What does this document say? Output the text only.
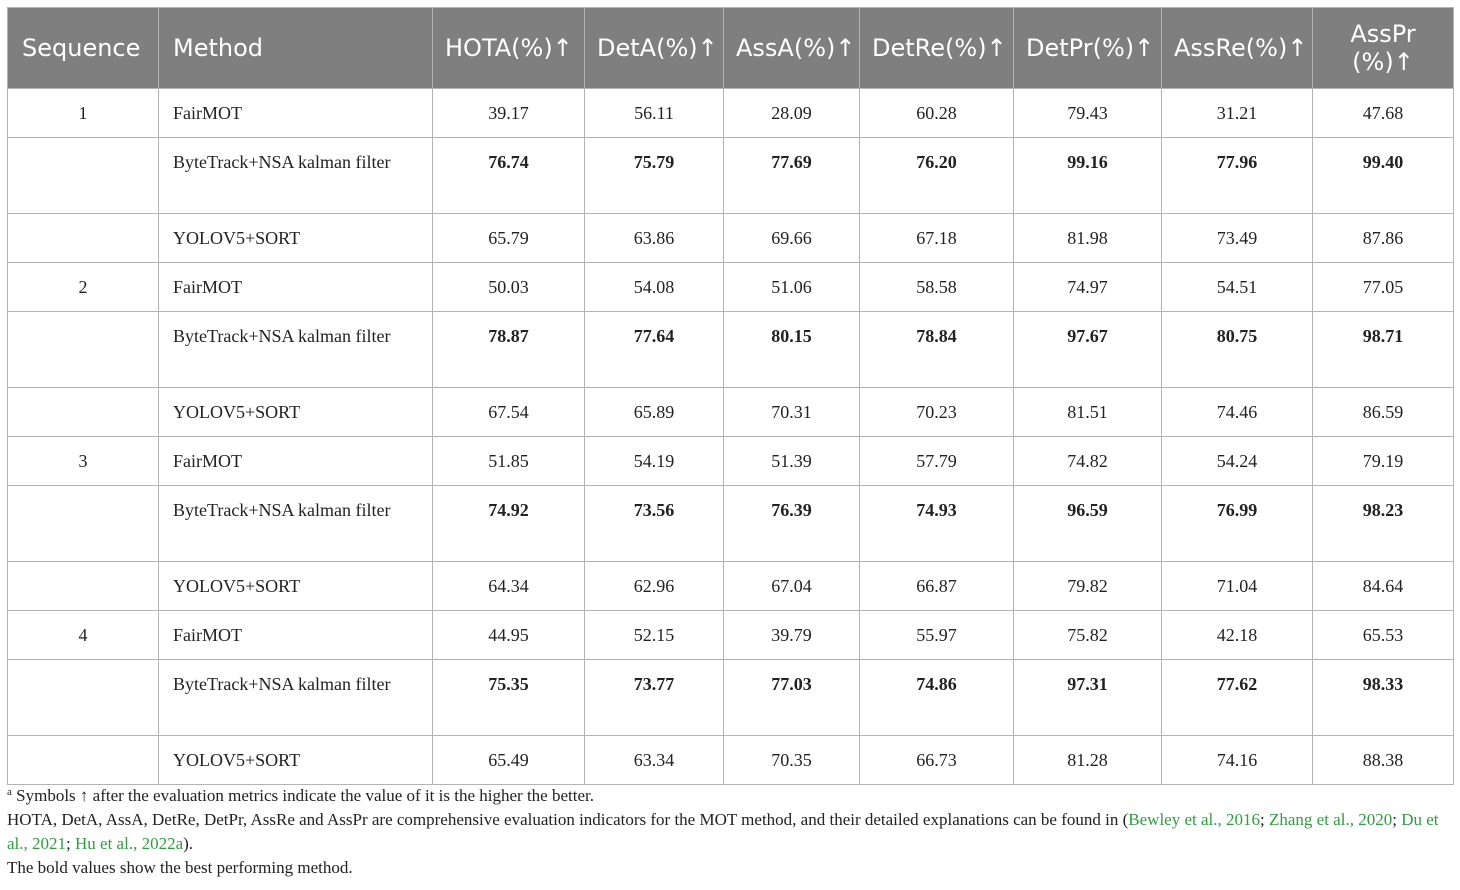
Sequence	Method	HOTA(%)↑	DetA(%)↑	AssA(%)↑	DetRe(%)↑	DetPr(%)↑	AssRe(%)↑	AssPr (%)↑
1	FairMOT	39.17	56.11	28.09	60.28	79.43	31.21	47.68
	ByteTrack+NSA kalman filter	76.74	75.79	77.69	76.20	99.16	77.96	99.40
	YOLOV5+SORT	65.79	63.86	69.66	67.18	81.98	73.49	87.86
2	FairMOT	50.03	54.08	51.06	58.58	74.97	54.51	77.05
	ByteTrack+NSA kalman filter	78.87	77.64	80.15	78.84	97.67	80.75	98.71
	YOLOV5+SORT	67.54	65.89	70.31	70.23	81.51	74.46	86.59
3	FairMOT	51.85	54.19	51.39	57.79	74.82	54.24	79.19
	ByteTrack+NSA kalman filter	74.92	73.56	76.39	74.93	96.59	76.99	98.23
	YOLOV5+SORT	64.34	62.96	67.04	66.87	79.82	71.04	84.64
4	FairMOT	44.95	52.15	39.79	55.97	75.82	42.18	65.53
	ByteTrack+NSA kalman filter	75.35	73.77	77.03	74.86	97.31	77.62	98.33
	YOLOV5+SORT	65.49	63.34	70.35	66.73	81.28	74.16	88.38

$^a$ Symbols ↑ after the evaluation metrics indicate the value of it is the higher the better.

HOTA, DetA, AssA, DetRe, DetPr, AssRe and AssPr are comprehensive evaluation indicators for the MOT method, and their detailed explanations can be found in (Bewley et al., 2016; Zhang et al., 2020; Du et al., 2021; Hu et al., 2022a).

The bold values show the best performing method.
